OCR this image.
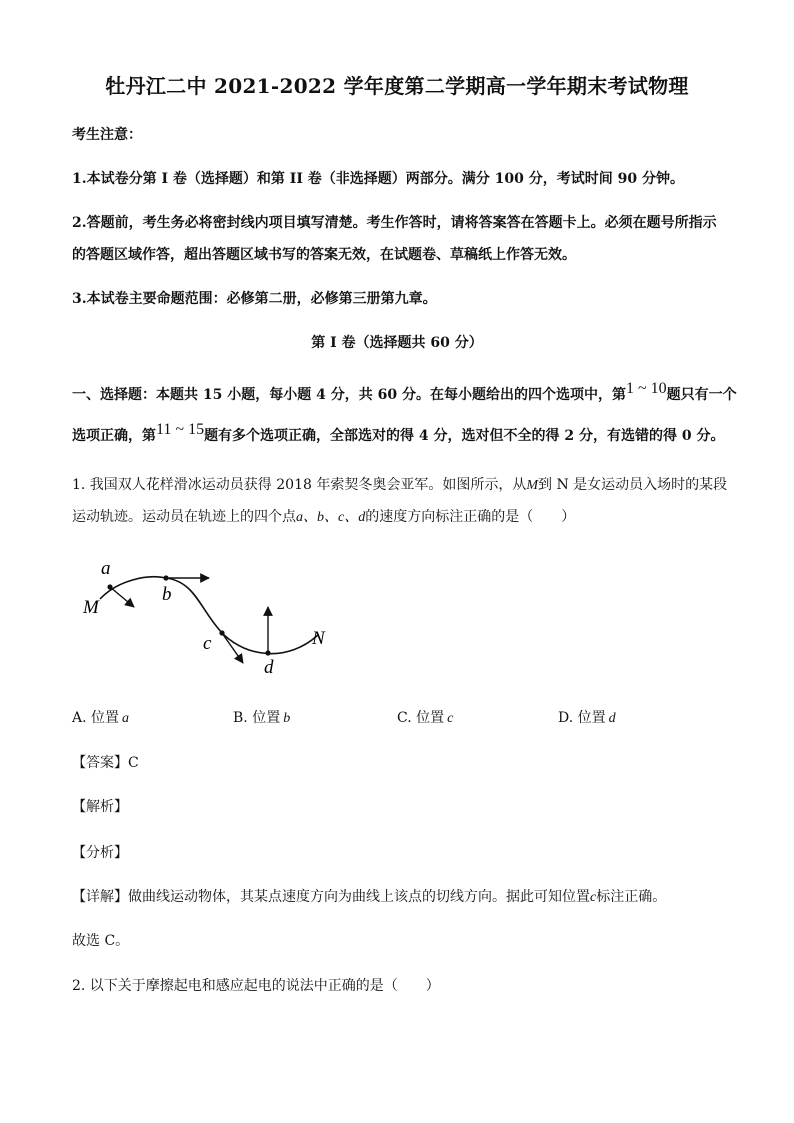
牡丹江二中 2021-2022 学年度第二学期高一学年期末考试物理
考生注意：
1.本试卷分第 I 卷（选择题）和第 II 卷（非选择题）两部分。满分 100 分，考试时间 90 分钟。
2.答题前，考生务必将密封线内项目填写清楚。考生作答时，请将答案答在答题卡上。必须在题号所指示
的答题区域作答，超出答题区域书写的答案无效，在试题卷、草稿纸上作答无效。
3.本试卷主要命题范围：必修第二册，必修第三册第九章。
第 I 卷（选择题共 60 分）
一、选择题：本题共 15 小题，每小题 4 分，共 60 分。在每小题给出的四个选项中，第1 ~ 10题只有一个
选项正确，第11 ~ 15题有多个选项正确，全部选对的得 4 分，选对但不全的得 2 分，有选错的得 0 分。
1. 我国双人花样滑冰运动员获得 2018 年索契冬奥会亚军。如图所示，从M到 N 是女运动员入场时的某段
运动轨迹。运动员在轨迹上的四个点a、b、c、d的速度方向标注正确的是（　　）
a
b
c
d
M
N
A. 位置 a	B. 位置 b	C. 位置 c	D. 位置 d
【答案】C
【解析】
【分析】
【详解】做曲线运动物体，其某点速度方向为曲线上该点的切线方向。据此可知位置c标注正确。
故选 C。
2. 以下关于摩擦起电和感应起电的说法中正确的是（　　）
